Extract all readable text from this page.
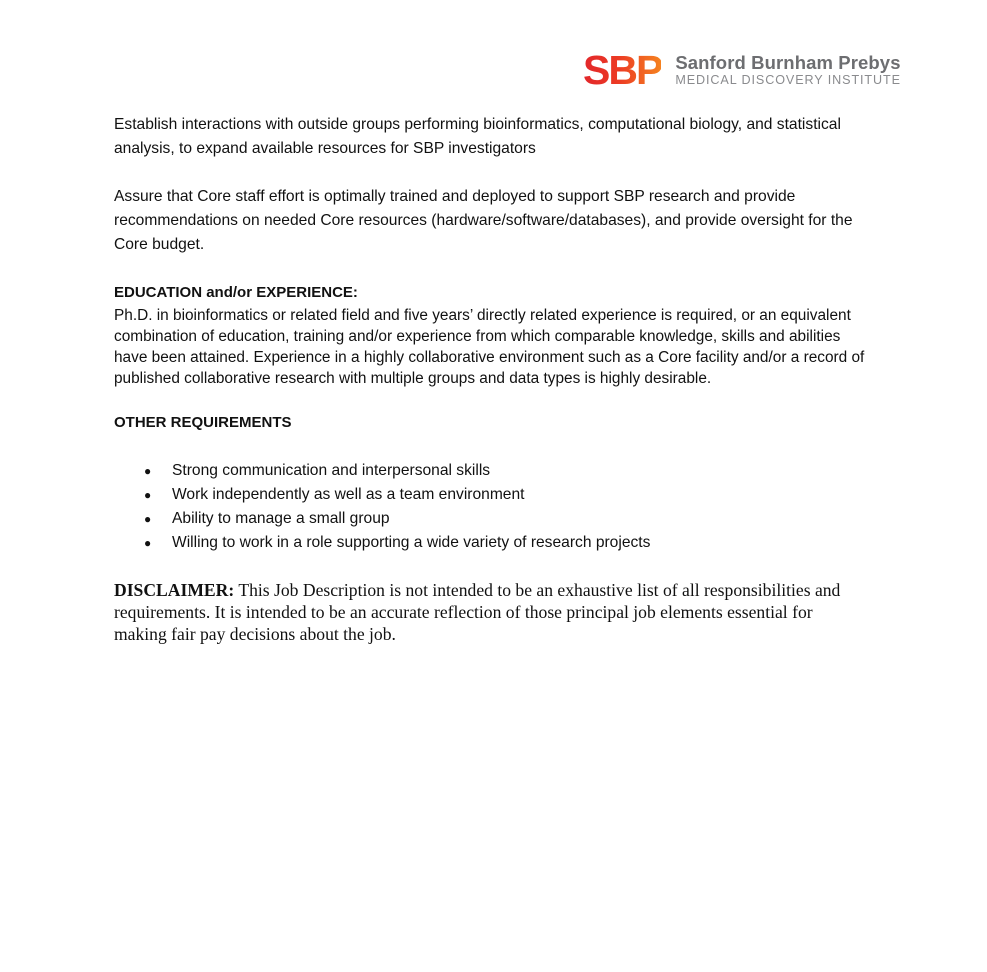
SBP Sanford Burnham Prebys
MEDICAL DISCOVERY INSTITUTE

Establish interactions with outside groups performing bioinformatics, computational biology, and statistical analysis, to expand available resources for SBP investigators

Assure that Core staff effort is optimally trained and deployed to support SBP research and provide recommendations on needed Core resources (hardware/software/databases), and provide oversight for the Core budget.

EDUCATION and/or EXPERIENCE:

Ph.D. in bioinformatics or related field and five years’ directly related experience is required, or an equivalent combination of education, training and/or experience from which comparable knowledge, skills and abilities have been attained. Experience in a highly collaborative environment such as a Core facility and/or a record of published collaborative research with multiple groups and data types is highly desirable.

OTHER REQUIREMENTS
● Strong communication and interpersonal skills
● Work independently as well as a team environment
● Ability to manage a small group
● Willing to work in a role supporting a wide variety of research projects

DISCLAIMER: This Job Description is not intended to be an exhaustive list of all responsibilities and requirements. It is intended to be an accurate reflection of those principal job elements essential for making fair pay decisions about the job.
